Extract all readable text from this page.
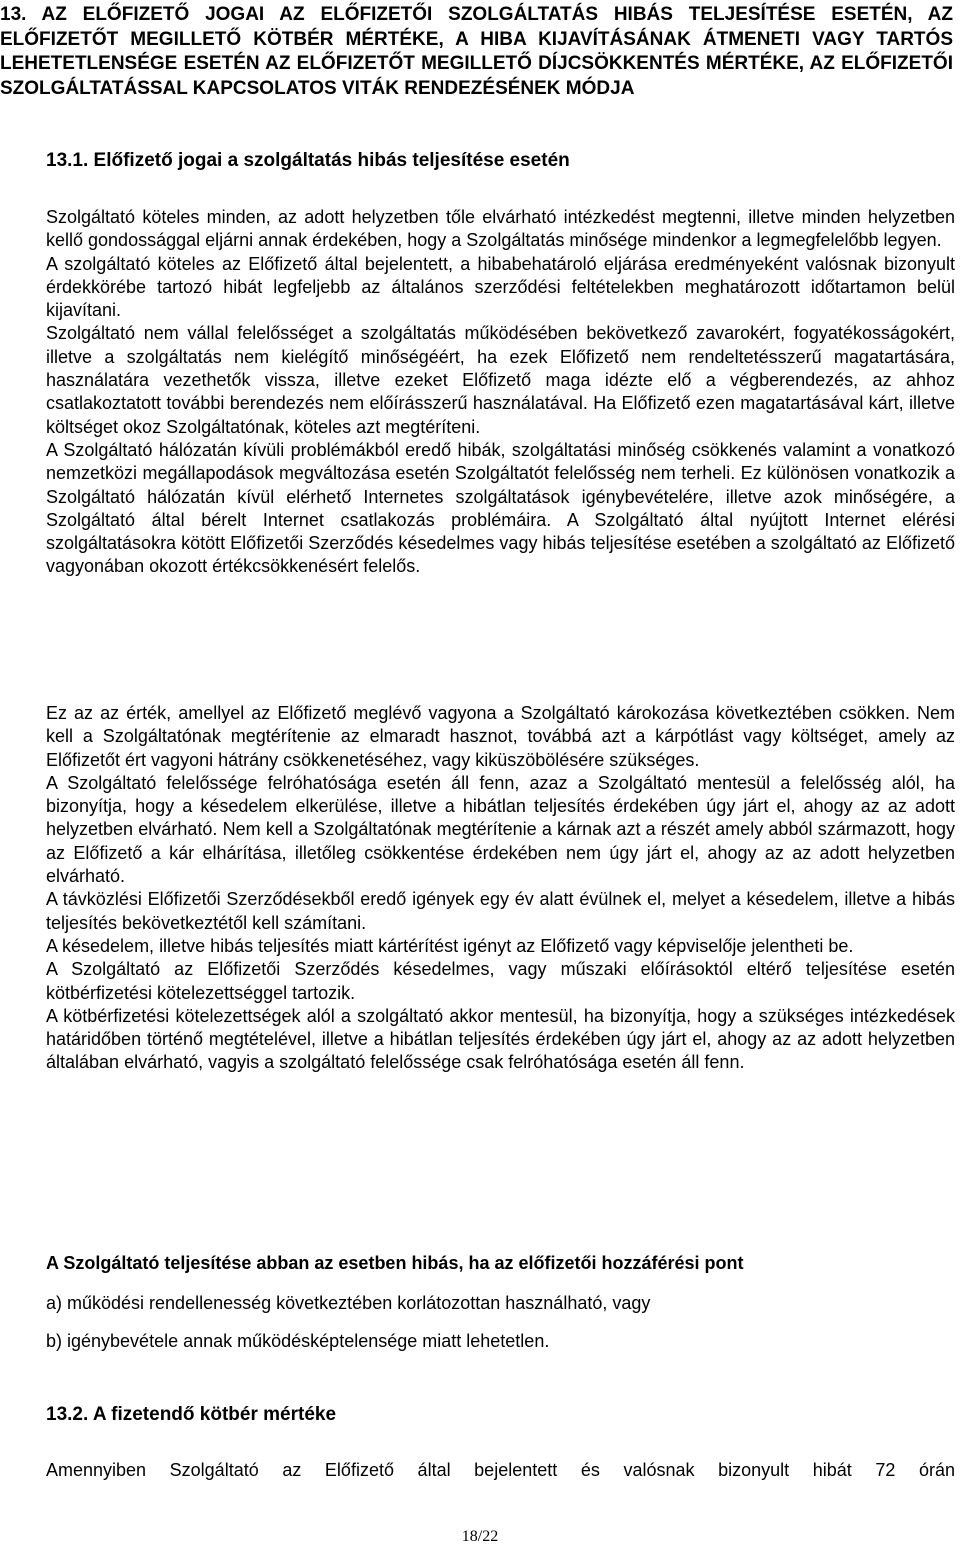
13. AZ ELŐFIZETŐ JOGAI AZ ELŐFIZETŐI SZOLGÁLTATÁS HIBÁS TELJESÍTÉSE ESETÉN, AZ ELŐFIZETŐT MEGILLETŐ KÖTBÉR MÉRTÉKE, A HIBA KIJAVÍTÁSÁNAK ÁTMENETI VAGY TARTÓS LEHETETLENSÉGE ESETÉN AZ ELŐFIZETŐT MEGILLETŐ DÍJCSÖKKENTÉS MÉRTÉKE, AZ ELŐFIZETŐI SZOLGÁLTATÁSSAL KAPCSOLATOS VITÁK RENDEZÉSÉNEK MÓDJA
13.1. Előfizető jogai a szolgáltatás hibás teljesítése esetén

Szolgáltató köteles minden, az adott helyzetben tőle elvárható intézkedést megtenni, illetve minden helyzetben kellő gondossággal eljárni annak érdekében, hogy a Szolgáltatás minősége mindenkor a legmegfelelőbb legyen.

A szolgáltató köteles az Előfizető által bejelentett, a hibabehatároló eljárása eredményeként valósnak bizonyult érdekkörébe tartozó hibát legfeljebb az általános szerződési feltételekben meghatározott időtartamon belül kijavítani.

Szolgáltató nem vállal felelősséget a szolgáltatás működésében bekövetkező zavarokért, fogyatékosságokért, illetve a szolgáltatás nem kielégítő minőségéért, ha ezek Előfizető nem rendeltetésszerű magatartására, használatára vezethetők vissza, illetve ezeket Előfizető maga idézte elő a végberendezés, az ahhoz csatlakoztatott további berendezés nem előírásszerű használatával. Ha Előfizető ezen magatartásával kárt, illetve költséget okoz Szolgáltatónak, köteles azt megtéríteni.

A Szolgáltató hálózatán kívüli problémákból eredő hibák, szolgáltatási minőség csökkenés valamint a vonatkozó nemzetközi megállapodások megváltozása esetén Szolgáltatót felelősség nem terheli. Ez különösen vonatkozik a Szolgáltató hálózatán kívül elérhető Internetes szolgáltatások igénybevételére, illetve azok minőségére, a Szolgáltató által bérelt Internet csatlakozás problémáira. A Szolgáltató által nyújtott Internet elérési szolgáltatásokra kötött Előfizetői Szerződés késedelmes vagy hibás teljesítése esetében a szolgáltató az Előfizető vagyonában okozott értékcsökkenésért felelős.

Ez az az érték, amellyel az Előfizető meglévő vagyona a Szolgáltató károkozása következtében csökken. Nem kell a Szolgáltatónak megtérítenie az elmaradt hasznot, továbbá azt a kárpótlást vagy költséget, amely az Előfizetőt ért vagyoni hátrány csökkenetéséhez, vagy kiküszöbölésére szükséges.

A Szolgáltató felelőssége felróhatósága esetén áll fenn, azaz a Szolgáltató mentesül a felelősség alól, ha bizonyítja, hogy a késedelem elkerülése, illetve a hibátlan teljesítés érdekében úgy járt el, ahogy az az adott helyzetben elvárható. Nem kell a Szolgáltatónak megtérítenie a kárnak azt a részét amely abból származott, hogy az Előfizető a kár elhárítása, illetőleg csökkentése érdekében nem úgy járt el, ahogy az az adott helyzetben elvárható.

A távközlési Előfizetői Szerződésekből eredő igények egy év alatt évülnek el, melyet a késedelem, illetve a hibás teljesítés bekövetkeztétől kell számítani.

A késedelem, illetve hibás teljesítés miatt kártérítést igényt az Előfizető vagy képviselője jelentheti be.

A Szolgáltató az Előfizetői Szerződés késedelmes, vagy műszaki előírásoktól eltérő teljesítése esetén kötbérfizetési kötelezettséggel tartozik.

A kötbérfizetési kötelezettségek alól a szolgáltató akkor mentesül, ha bizonyítja, hogy a szükséges intézkedések határidőben történő megtételével, illetve a hibátlan teljesítés érdekében úgy járt el, ahogy az az adott helyzetben általában elvárható, vagyis a szolgáltató felelőssége csak felróhatósága esetén áll fenn.

A Szolgáltató teljesítése abban az esetben hibás, ha az előfizetői hozzáférési pont

a) működési rendellenesség következtében korlátozottan használható, vagy

b) igénybevétele annak működésképtelensége miatt lehetetlen.

13.2. A fizetendő kötbér mértéke

Amennyiben Szolgáltató az Előfizető által bejelentett és valósnak bizonyult hibát 72 órán

18/22
